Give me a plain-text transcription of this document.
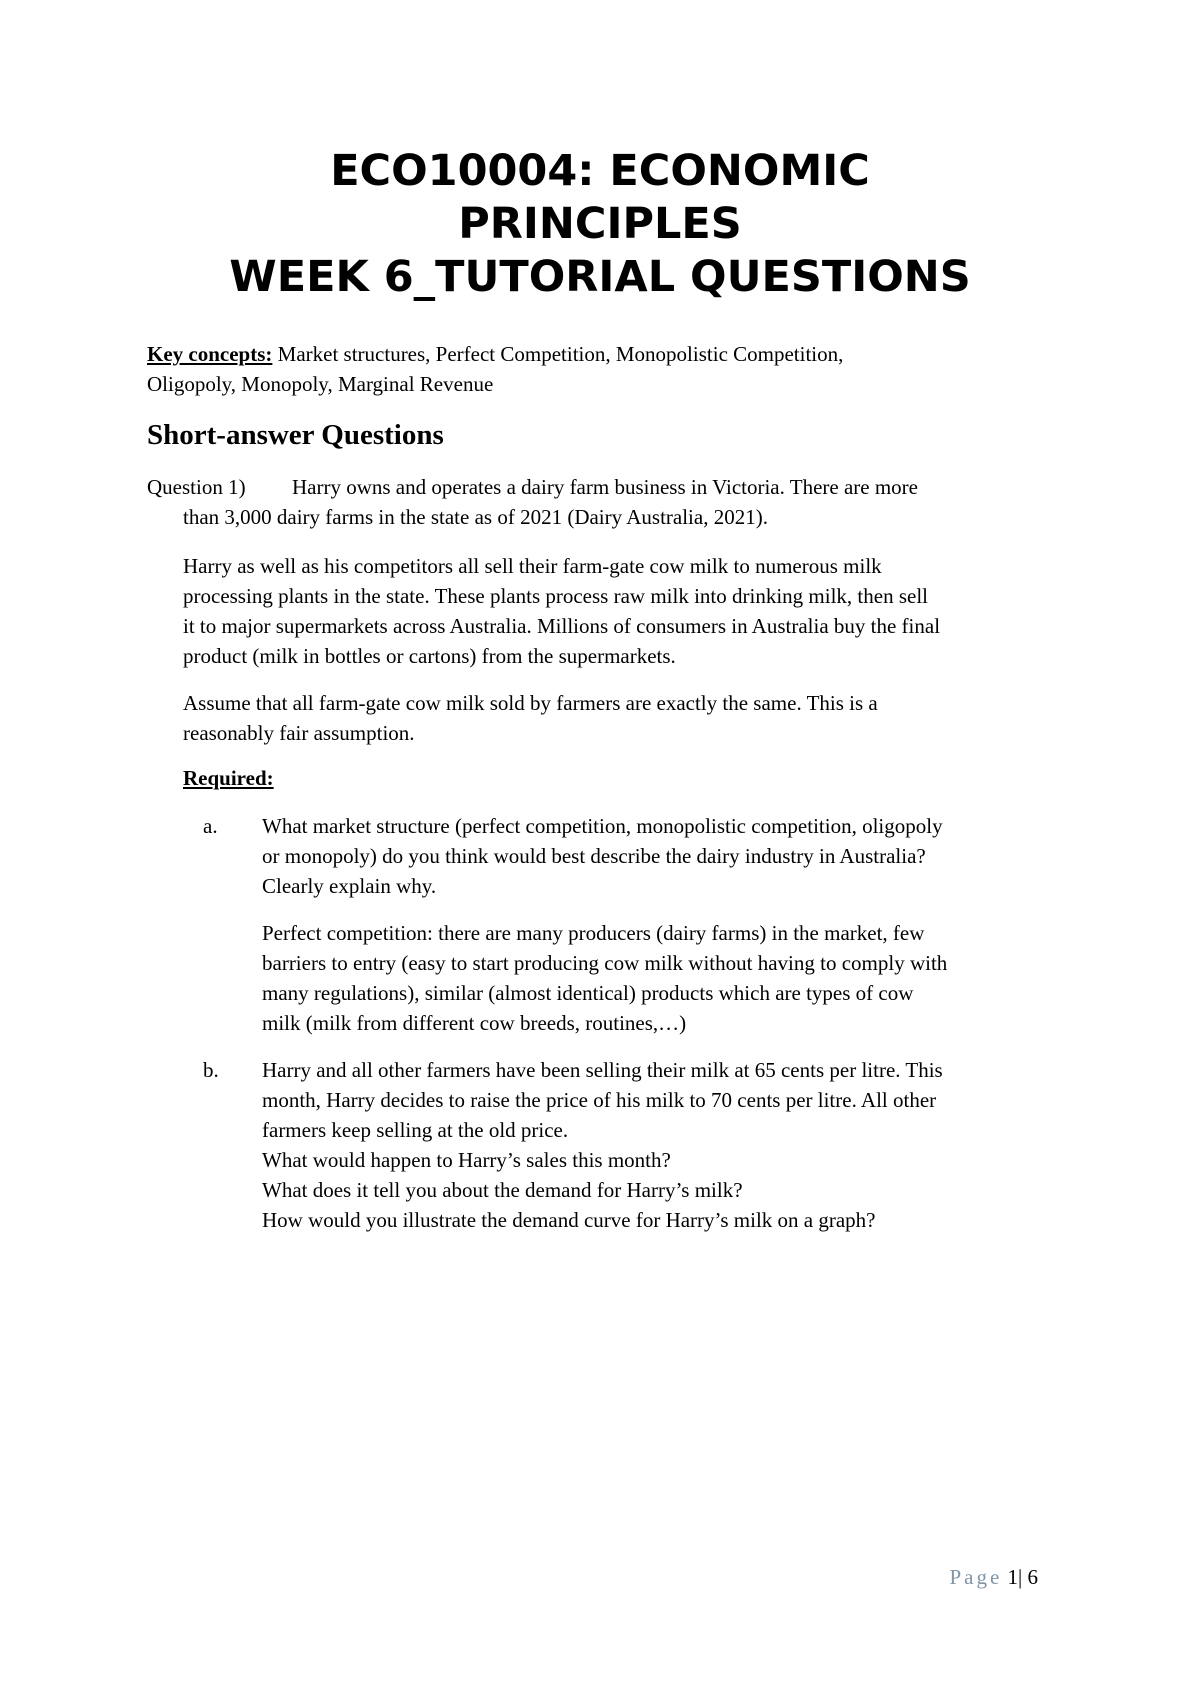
ECO10004: ECONOMIC
PRINCIPLES
WEEK 6_TUTORIAL QUESTIONS
Key concepts: Market structures, Perfect Competition, Monopolistic Competition,
Oligopoly, Monopoly, Marginal Revenue
Short-answer Questions
Question 1) Harry owns and operates a dairy farm business in Victoria. There are more
than 3,000 dairy farms in the state as of 2021 (Dairy Australia, 2021).
Harry as well as his competitors all sell their farm-gate cow milk to numerous milk
processing plants in the state. These plants process raw milk into drinking milk, then sell
it to major supermarkets across Australia. Millions of consumers in Australia buy the final
product (milk in bottles or cartons) from the supermarkets.
Assume that all farm-gate cow milk sold by farmers are exactly the same. This is a
reasonably fair assumption.
Required:
a. What market structure (perfect competition, monopolistic competition, oligopoly
or monopoly) do you think would best describe the dairy industry in Australia?
Clearly explain why.
Perfect competition: there are many producers (dairy farms) in the market, few
barriers to entry (easy to start producing cow milk without having to comply with
many regulations), similar (almost identical) products which are types of cow
milk (milk from different cow breeds, routines,…)
b. Harry and all other farmers have been selling their milk at 65 cents per litre. This
month, Harry decides to raise the price of his milk to 70 cents per litre. All other
farmers keep selling at the old price.
What would happen to Harry’s sales this month?
What does it tell you about the demand for Harry’s milk?
How would you illustrate the demand curve for Harry’s milk on a graph?
Page 1| 6
